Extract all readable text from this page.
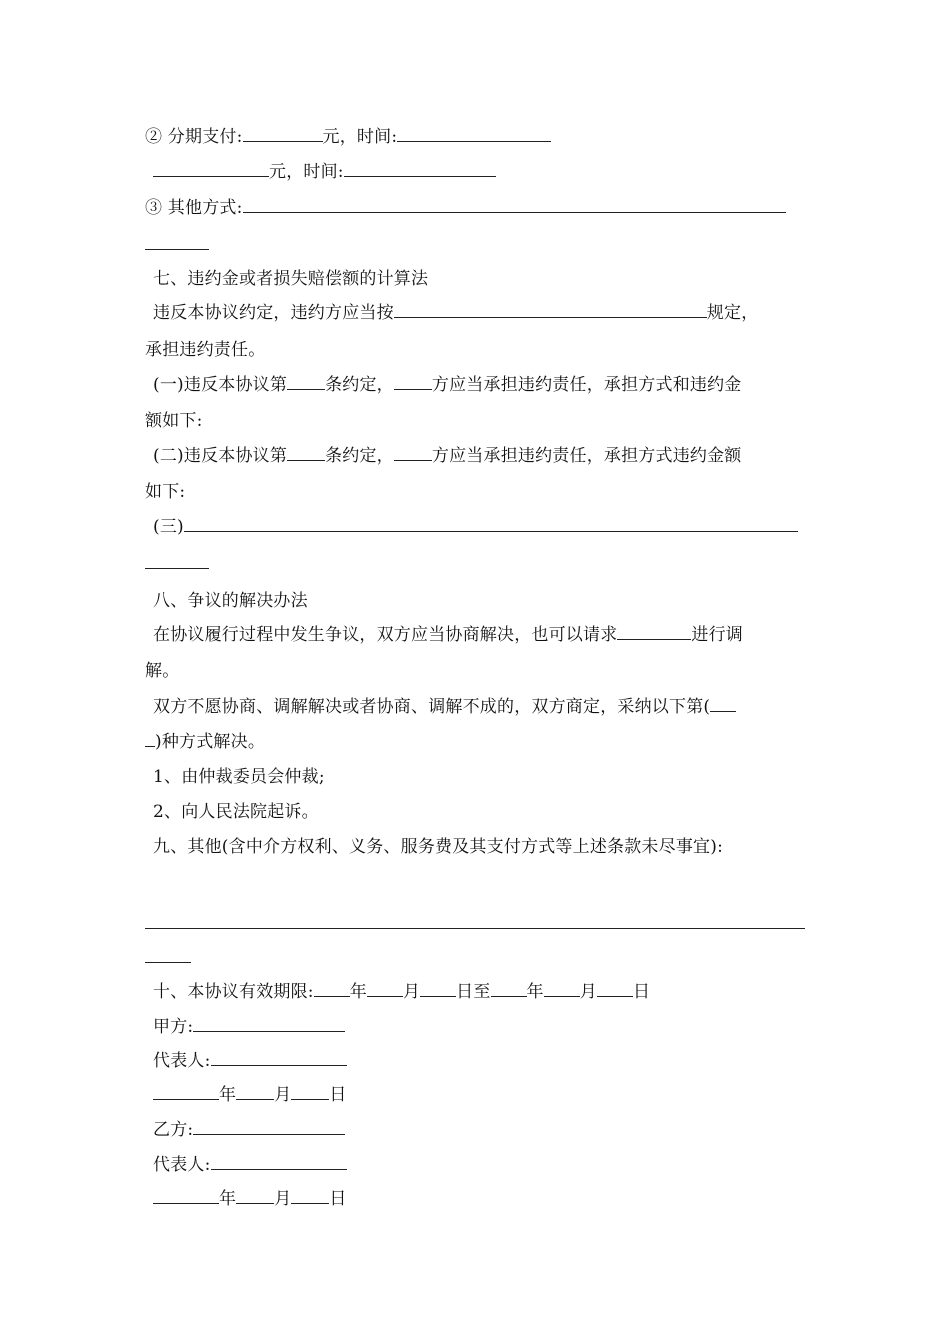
② 分期支付:	元，时间:
元，时间:
③ 其他方式:
七、违约金或者损失赔偿额的计算法
违反本协议约定，违约方应当按	规定，
承担违约责任。
(一)违反本协议第 条约定， 方应当承担违约责任，承担方式和违约金
额如下:
(二)违反本协议第 条约定， 方应当承担违约责任，承担方式违约金额
如下:
(三)
八、争议的解决办法
在协议履行过程中发生争议，双方应当协商解决，也可以请求	进行调
解。
双方不愿协商、调解解决或者协商、调解不成的，双方商定，采纳以下第(
)种方式解决。
1、由仲裁委员会仲裁;
2、向人民法院起诉。
九、其他(含中介方权利、义务、服务费及其支付方式等上述条款未尽事宜):
十、本协议有效期限: 年 月 日至 年 月 日
甲方:
代表人:
年 月 日
乙方:
代表人:
年 月 日
